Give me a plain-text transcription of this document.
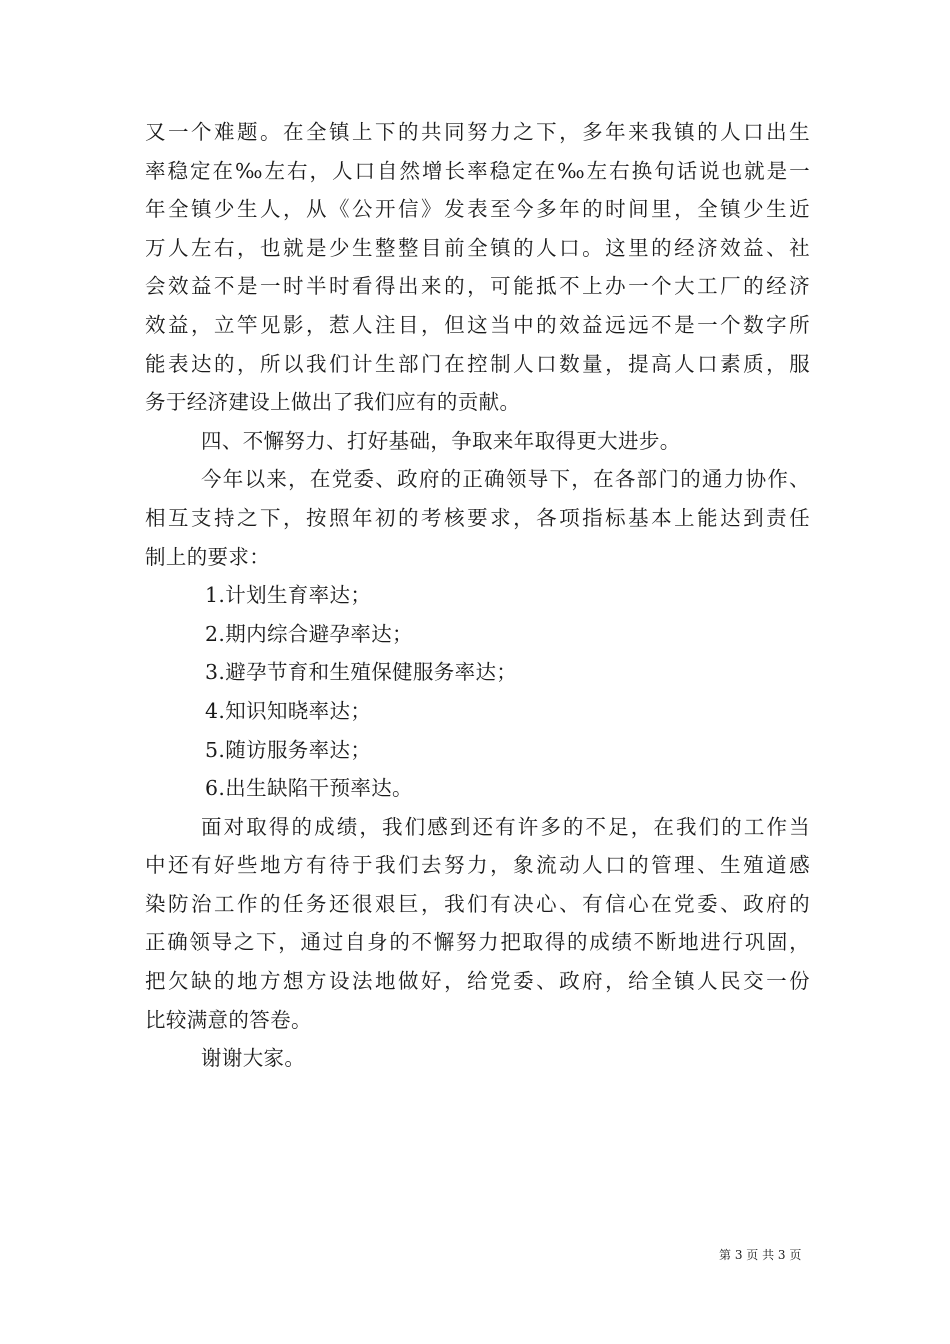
又一个难题。在全镇上下的共同努力之下，多年来我镇的人口出生
率稳定在‰左右，人口自然增长率稳定在‰左右换句话说也就是一
年全镇少生人，从《公开信》发表至今多年的时间里，全镇少生近
万人左右，也就是少生整整目前全镇的人口。这里的经济效益、社
会效益不是一时半时看得出来的，可能抵不上办一个大工厂的经济
效益，立竿见影，惹人注目，但这当中的效益远远不是一个数字所
能表达的，所以我们计生部门在控制人口数量，提高人口素质，服
务于经济建设上做出了我们应有的贡献。
四、不懈努力、打好基础，争取来年取得更大进步。
今年以来，在党委、政府的正确领导下，在各部门的通力协作、
相互支持之下，按照年初的考核要求，各项指标基本上能达到责任
制上的要求：
1.计划生育率达；
2.期内综合避孕率达；
3.避孕节育和生殖保健服务率达；
4.知识知晓率达；
5.随访服务率达；
6.出生缺陷干预率达。
面对取得的成绩，我们感到还有许多的不足，在我们的工作当
中还有好些地方有待于我们去努力，象流动人口的管理、生殖道感
染防治工作的任务还很艰巨，我们有决心、有信心在党委、政府的
正确领导之下，通过自身的不懈努力把取得的成绩不断地进行巩固，
把欠缺的地方想方设法地做好，给党委、政府，给全镇人民交一份
比较满意的答卷。
谢谢大家。
第 3 页 共 3 页
